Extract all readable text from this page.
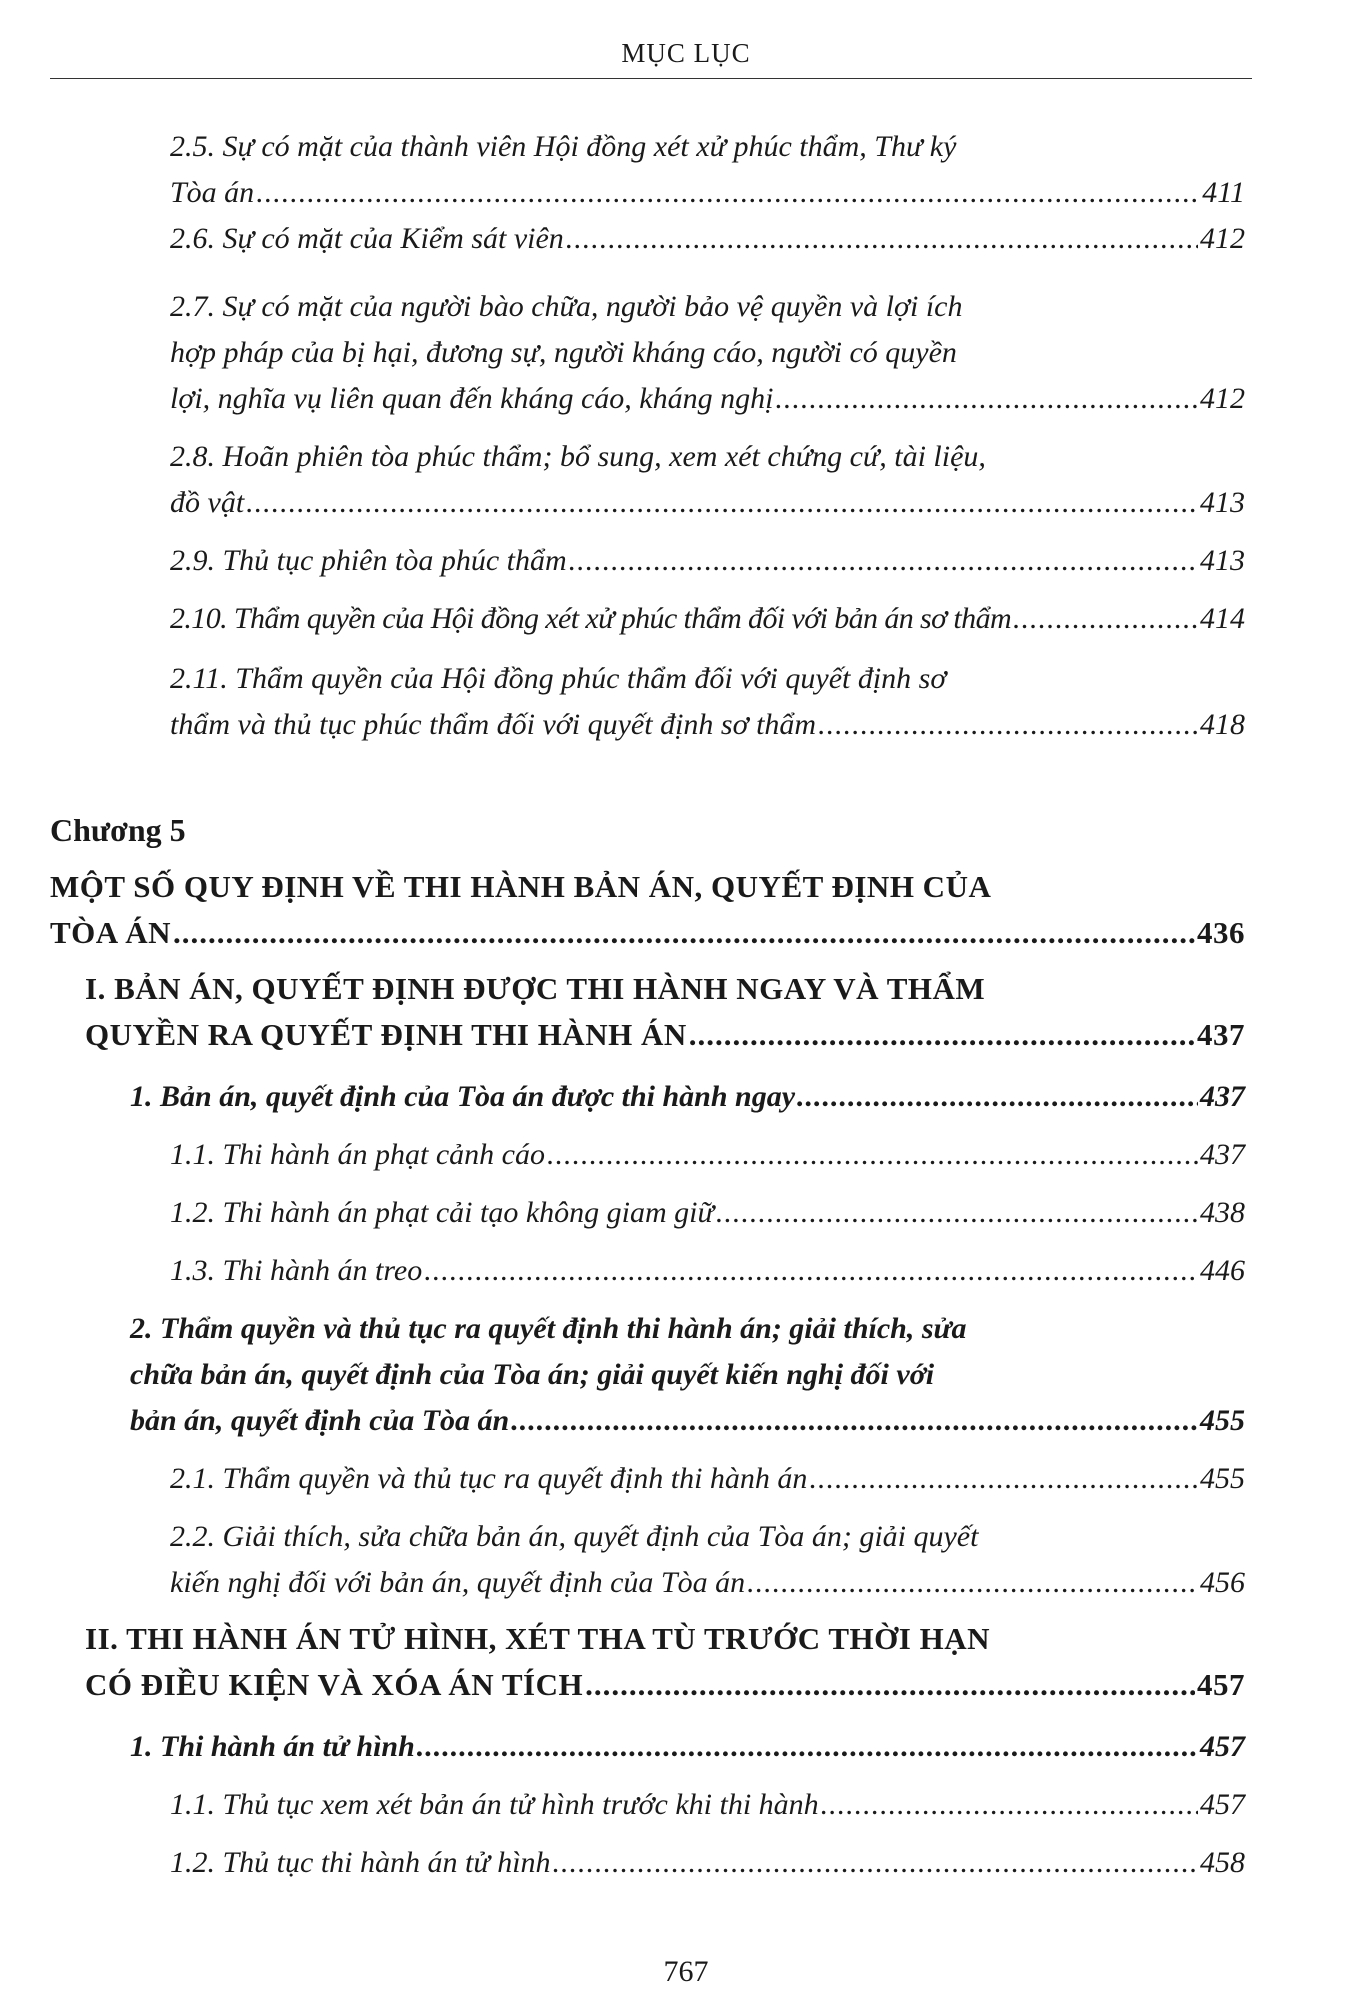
MỤC LỤC
2.5. Sự có mặt của thành viên Hội đồng xét xử phúc thẩm, Thư ký
Tòa án .....	411
2.6. Sự có mặt của Kiểm sát viên .....	412
2.7. Sự có mặt của người bào chữa, người bảo vệ quyền và lợi ích
hợp pháp của bị hại, đương sự, người kháng cáo, người có quyền
lợi, nghĩa vụ liên quan đến kháng cáo, kháng nghị .....	412
2.8. Hoãn phiên tòa phúc thẩm; bổ sung, xem xét chứng cứ, tài liệu,
đồ vật .....	413
2.9. Thủ tục phiên tòa phúc thẩm .....	413
2.10. Thẩm quyền của Hội đồng xét xử phúc thẩm đối với bản án sơ thẩm .....	414
2.11. Thẩm quyền của Hội đồng phúc thẩm đối với quyết định sơ
thẩm và thủ tục phúc thẩm đối với quyết định sơ thẩm .....	418
Chương 5
MỘT SỐ QUY ĐỊNH VỀ THI HÀNH BẢN ÁN, QUYẾT ĐỊNH CỦA
TÒA ÁN .....	436
I. BẢN ÁN, QUYẾT ĐỊNH ĐƯỢC THI HÀNH NGAY VÀ THẨM
QUYỀN RA QUYẾT ĐỊNH THI HÀNH ÁN .....	437
1. Bản án, quyết định của Tòa án được thi hành ngay .....	437
1.1. Thi hành án phạt cảnh cáo .....	437
1.2. Thi hành án phạt cải tạo không giam giữ .....	438
1.3. Thi hành án treo .....	446
2. Thẩm quyền và thủ tục ra quyết định thi hành án; giải thích, sửa
chữa bản án, quyết định của Tòa án; giải quyết kiến nghị đối với
bản án, quyết định của Tòa án .....	455
2.1. Thẩm quyền và thủ tục ra quyết định thi hành án .....	455
2.2. Giải thích, sửa chữa bản án, quyết định của Tòa án; giải quyết
kiến nghị đối với bản án, quyết định của Tòa án .....	456
II. THI HÀNH ÁN TỬ HÌNH, XÉT THA TÙ TRƯỚC THỜI HẠN
CÓ ĐIỀU KIỆN VÀ XÓA ÁN TÍCH .....	457
1. Thi hành án tử hình .....	457
1.1. Thủ tục xem xét bản án tử hình trước khi thi hành .....	457
1.2. Thủ tục thi hành án tử hình .....	458
767
